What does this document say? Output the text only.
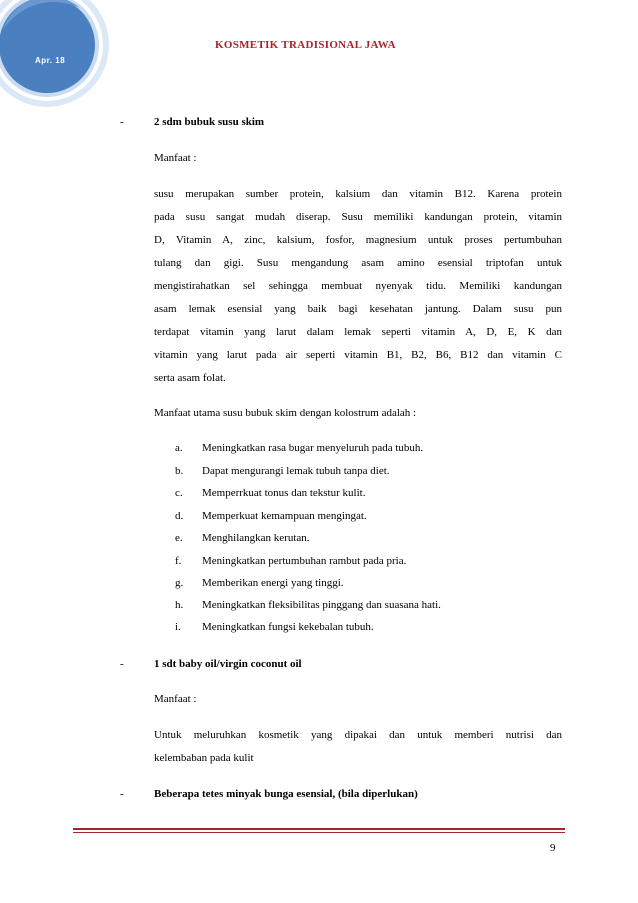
Apr. 18
KOSMETIK TRADISIONAL JAWA
-	2 sdm bubuk susu skim
Manfaat :
susu merupakan sumber protein, kalsium dan vitamin B12. Karena protein
pada susu sangat mudah diserap. Susu memiliki kandungan protein, vitamin
D, Vitamin A, zinc, kalsium, fosfor, magnesium untuk proses pertumbuhan
tulang dan gigi. Susu mengandung asam amino esensial triptofan untuk
mengistirahatkan sel sehingga membuat nyenyak tidu. Memiliki kandungan
asam lemak esensial yang baik bagi kesehatan jantung. Dalam susu pun
terdapat vitamin yang larut dalam lemak seperti vitamin A, D, E, K dan
vitamin yang larut pada air seperti vitamin B1, B2, B6, B12 dan vitamin C
serta asam folat.
Manfaat utama susu bubuk skim dengan kolostrum adalah :
a. Meningkatkan rasa bugar menyeluruh pada tubuh.
b. Dapat mengurangi lemak tubuh tanpa diet.
c. Memperrkuat tonus dan tekstur kulit.
d. Memperkuat kemampuan mengingat.
e. Menghilangkan kerutan.
f. Meningkatkan pertumbuhan rambut pada pria.
g. Memberikan energi yang tinggi.
h. Meningkatkan fleksibilitas pinggang dan suasana hati.
i. Meningkatkan fungsi kekebalan tubuh.
-	1 sdt baby oil/virgin coconut oil
Manfaat :
Untuk meluruhkan kosmetik yang dipakai dan untuk memberi nutrisi dan
kelembaban pada kulit
-	Beberapa tetes minyak bunga esensial, (bila diperlukan)
9
